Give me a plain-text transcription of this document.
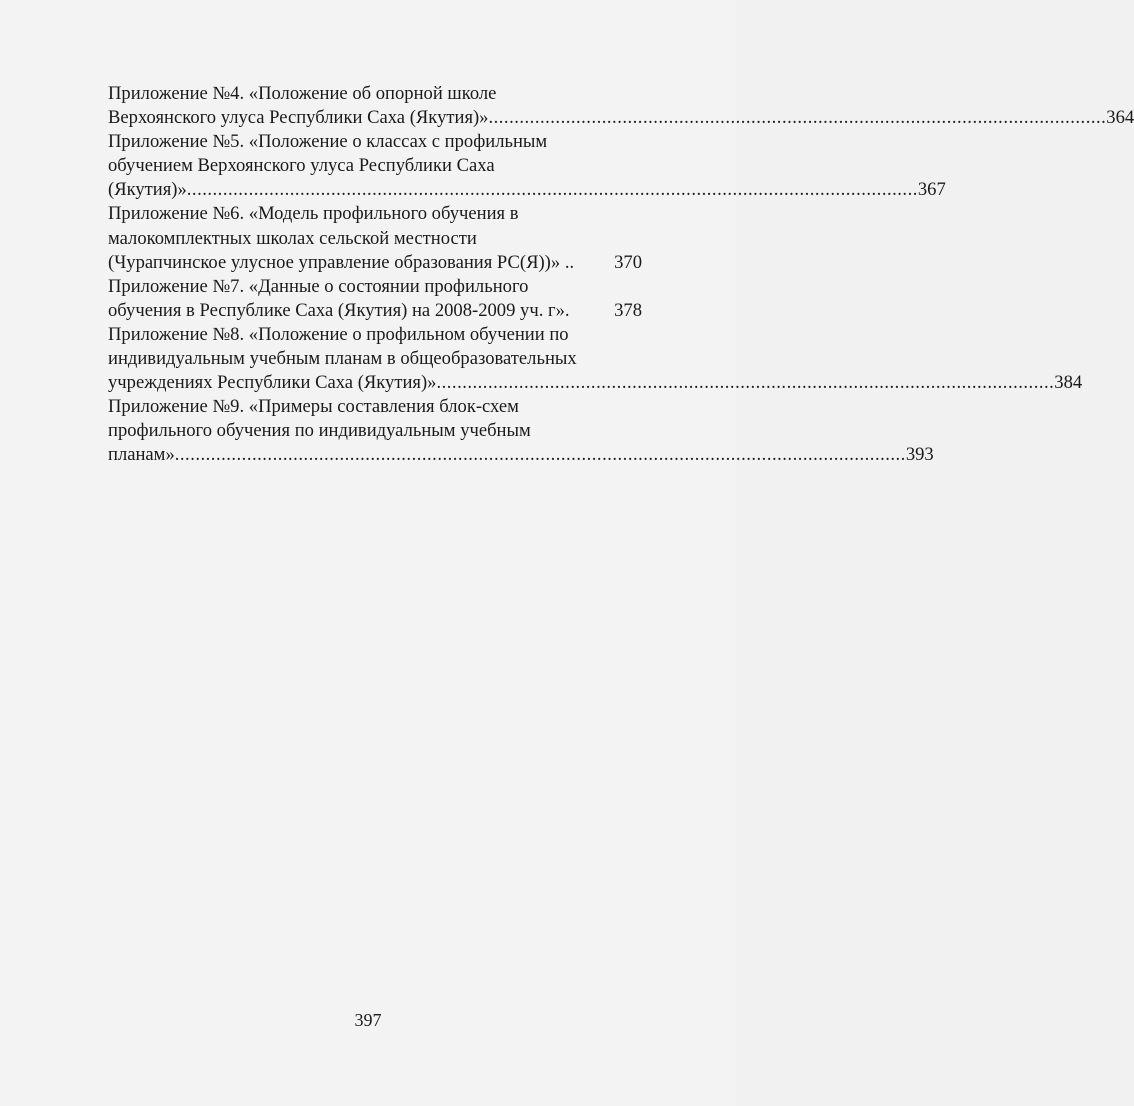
Приложение №4. «Положение об опорной школе
Верхоянского улуса Республики Саха (Якутия)» ........................................................................................................................ 364
Приложение №5. «Положение о классах с профильным
обучением Верхоянского улуса Республики Саха
(Якутия)» .............................................................................................................................................. 367
Приложение №6. «Модель профильного обучения в
малокомплектных школах сельской местности
(Чурапчинское улусное управление образования РС(Я))» .. 370
Приложение №7. «Данные о состоянии профильного
обучения в Республике Саха (Якутия) на 2008-2009 уч. г». 378
Приложение №8. «Положение о профильном обучении по
индивидуальным учебным планам в общеобразовательных
учреждениях Республики Саха (Якутия)» ........................................................................................................................ 384
Приложение №9. «Примеры составления блок-схем
профильного обучения по индивидуальным учебным
планам» .............................................................................................................................................. 393
397
